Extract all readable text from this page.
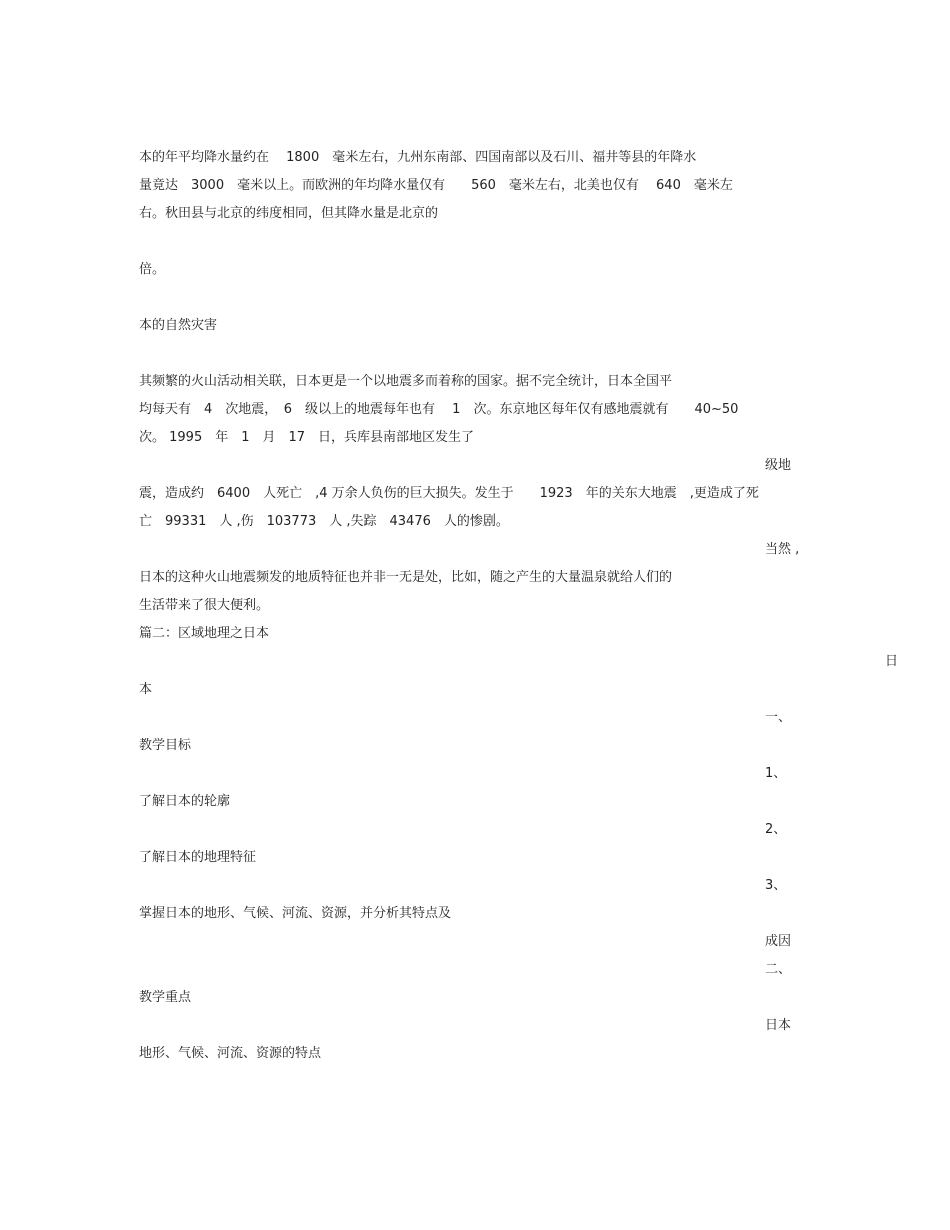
本的年平均降水量约在　 1800　毫米左右，九州东南部、四国南部以及石川、福井等县的年降水
量竟达　3000　毫米以上。而欧洲的年均降水量仅有　　560　毫米左右，北美也仅有　 640　毫米左
右。秋田县与北京的纬度相同，但其降水量是北京的
倍。
本的自然灾害
其频繁的火山活动相关联，日本更是一个以地震多而着称的国家。据不完全统计，日本全国平
均每天有　4　次地震，　6　级以上的地震每年也有　 1　次。东京地区每年仅有感地震就有　　40~50
次。 1995　年　1　月　17　日，兵库县南部地区发生了
级地
震，造成约　6400　人死亡　,4 万余人负伤的巨大损失。发生于　　1923　年的关东大地震　,更造成了死
亡　99331　人 ,伤　103773　人 ,失踪　43476　人的惨剧。
当然 ,
日本的这种火山地震频发的地质特征也并非一无是处，比如，随之产生的大量温泉就给人们的
生活带来了很大便利。
篇二：区域地理之日本
日
本
一、
教学目标
1、
了解日本的轮廓
2、
了解日本的地理特征
3、
掌握日本的地形、气候、河流、资源，并分析其特点及
成因
二、
教学重点
日本
地形、气候、河流、资源的特点
